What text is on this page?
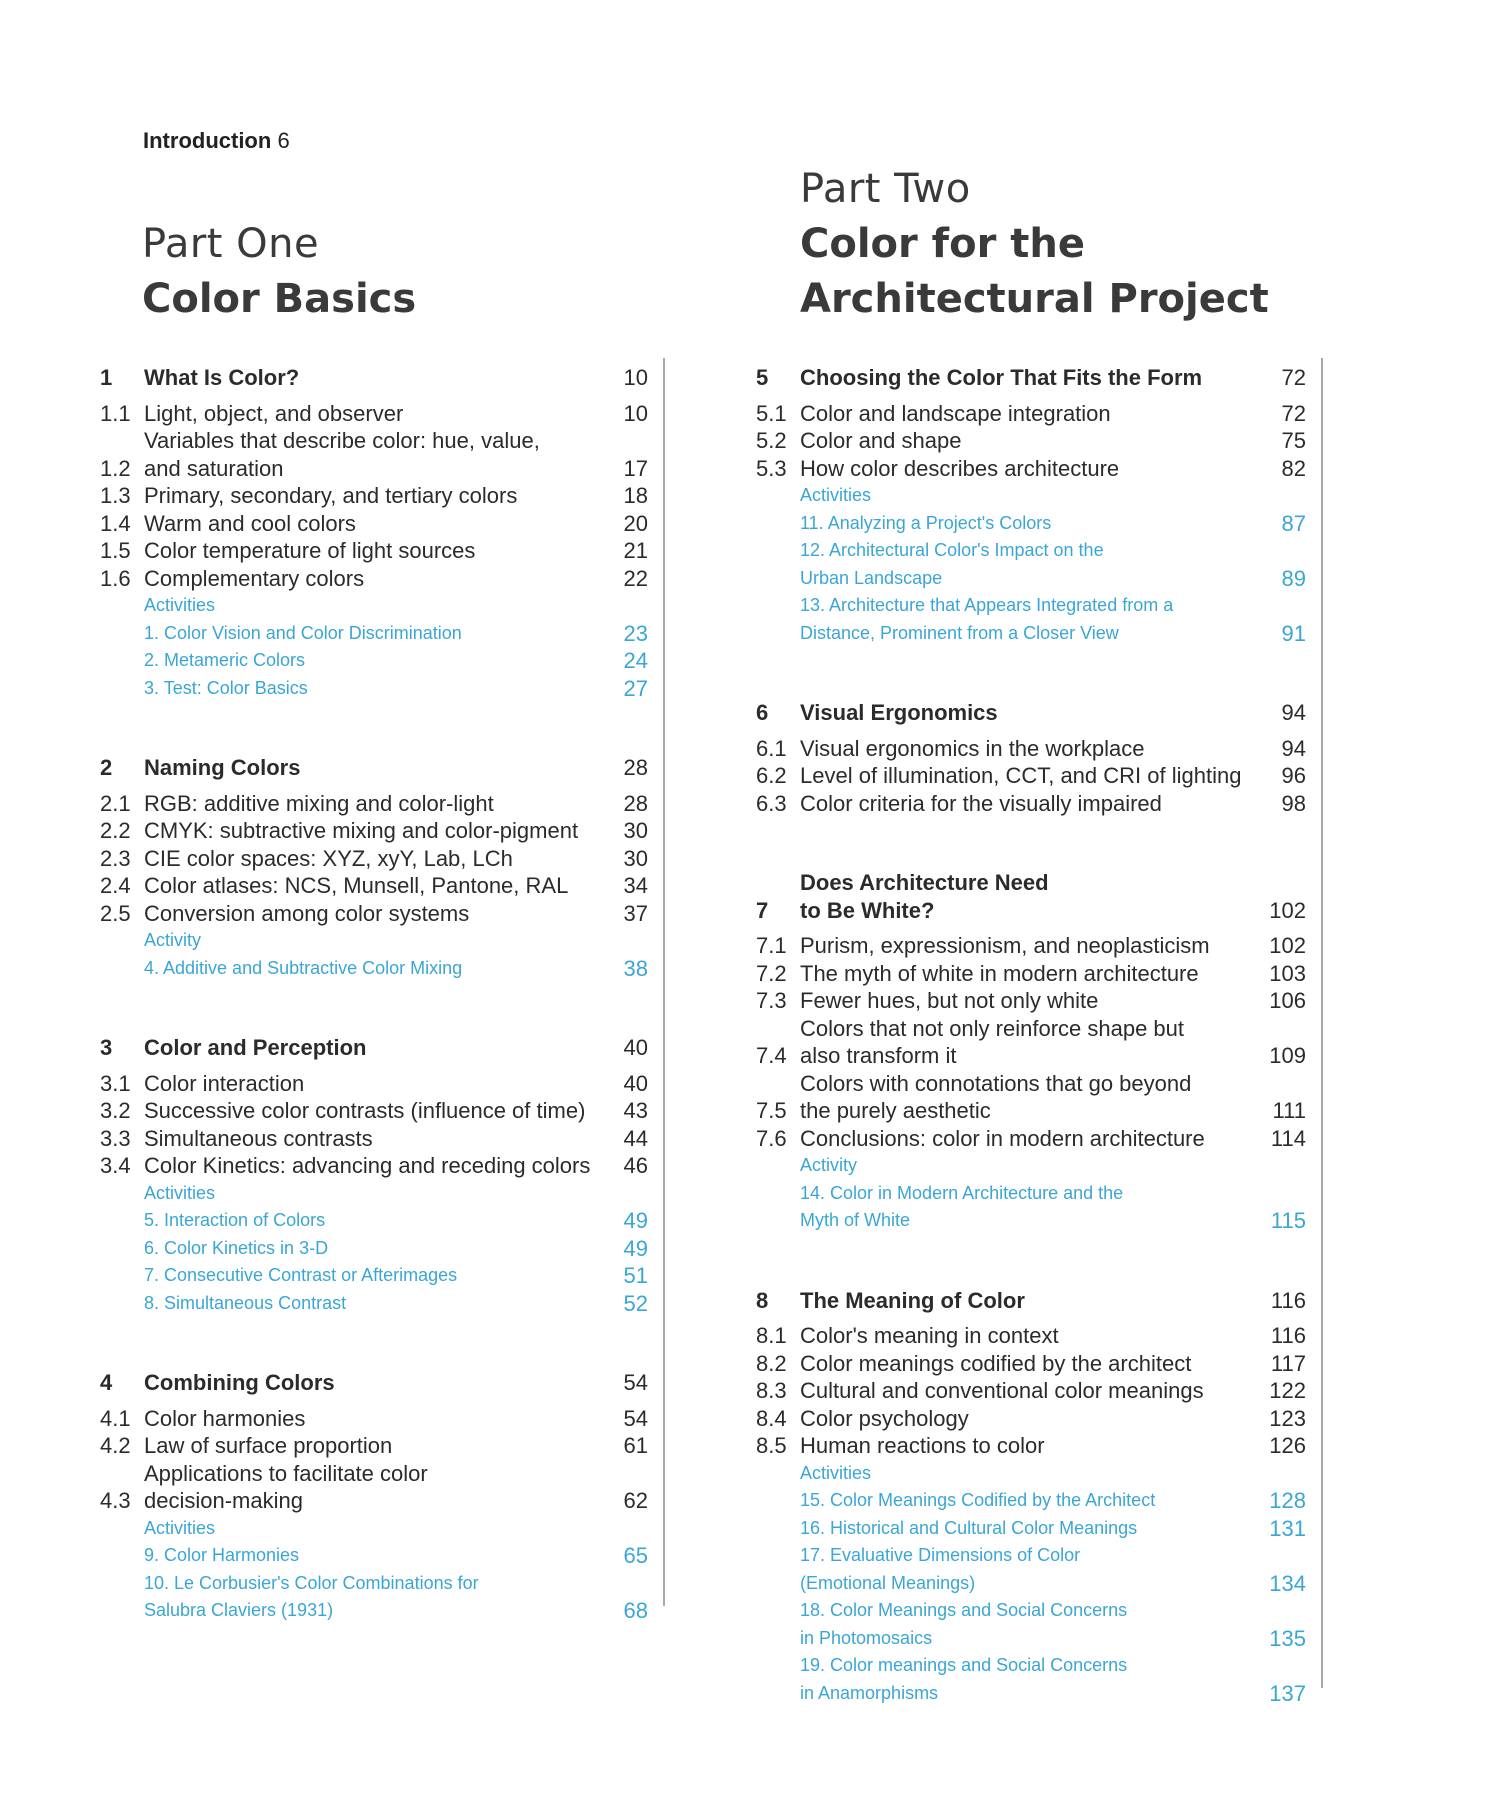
Introduction 6
Part One
Color Basics
Part Two
Color for the
Architectural Project
1	What Is Color?	10
1.1 Light, object, and observer	10
1.2
Variables that describe color: hue, value,
and saturation	17
1.3 Primary, secondary, and tertiary colors	18
1.4 Warm and cool colors	20
1.5 Color temperature of light sources	21
1.6 Complementary colors	22
Activities
1. Color Vision and Color Discrimination	23
2. Metameric Colors	24
3. Test: Color Basics	27
2	Naming Colors	28
2.1 RGB: additive mixing and color-light	28
2.2 CMYK: subtractive mixing and color-pigment	30
2.3 CIE color spaces: XYZ, xyY, Lab, LCh	30
2.4 Color atlases: NCS, Munsell, Pantone, RAL	34
2.5 Conversion among color systems	37
Activity
4. Additive and Subtractive Color Mixing	38
3	Color and Perception	40
3.1 Color interaction	40
3.2 Successive color contrasts (influence of time)	43
3.3 Simultaneous contrasts	44
3.4 Color Kinetics: advancing and receding colors	46
Activities
5. Interaction of Colors	49
6. Color Kinetics in 3-D	49
7. Consecutive Contrast or Afterimages	51
8. Simultaneous Contrast	52
4	Combining Colors	54
4.1 Color harmonies	54
4.2 Law of surface proportion	61
4.3
Applications to facilitate color
decision-making	62
Activities
9. Color Harmonies	65
10. Le Corbusier's Color Combinations for
Salubra Claviers (1931)	68
5	Choosing the Color That Fits the Form	72
5.1 Color and landscape integration	72
5.2 Color and shape	75
5.3 How color describes architecture	82
Activities
11. Analyzing a Project's Colors	87
12. Architectural Color's Impact on the
Urban Landscape	89
13. Architecture that Appears Integrated from a
Distance, Prominent from a Closer View	91
6	Visual Ergonomics	94
6.1 Visual ergonomics in the workplace	94
6.2 Level of illumination, CCT, and CRI of lighting	96
6.3 Color criteria for the visually impaired	98
7
Does Architecture Need
to Be White?	102
7.1 Purism, expressionism, and neoplasticism	102
7.2 The myth of white in modern architecture	103
7.3 Fewer hues, but not only white	106
7.4
Colors that not only reinforce shape but
also transform it	109
7.5
Colors with connotations that go beyond
the purely aesthetic	111
7.6 Conclusions: color in modern architecture	114
Activity
14. Color in Modern Architecture and the
Myth of White	115
8	The Meaning of Color	116
8.1 Color's meaning in context	116
8.2 Color meanings codified by the architect	117
8.3 Cultural and conventional color meanings	122
8.4 Color psychology	123
8.5 Human reactions to color	126
Activities
15. Color Meanings Codified by the Architect	128
16. Historical and Cultural Color Meanings	131
17. Evaluative Dimensions of Color
(Emotional Meanings)	134
18. Color Meanings and Social Concerns
in Photomosaics	135
19. Color meanings and Social Concerns
in Anamorphisms	137
